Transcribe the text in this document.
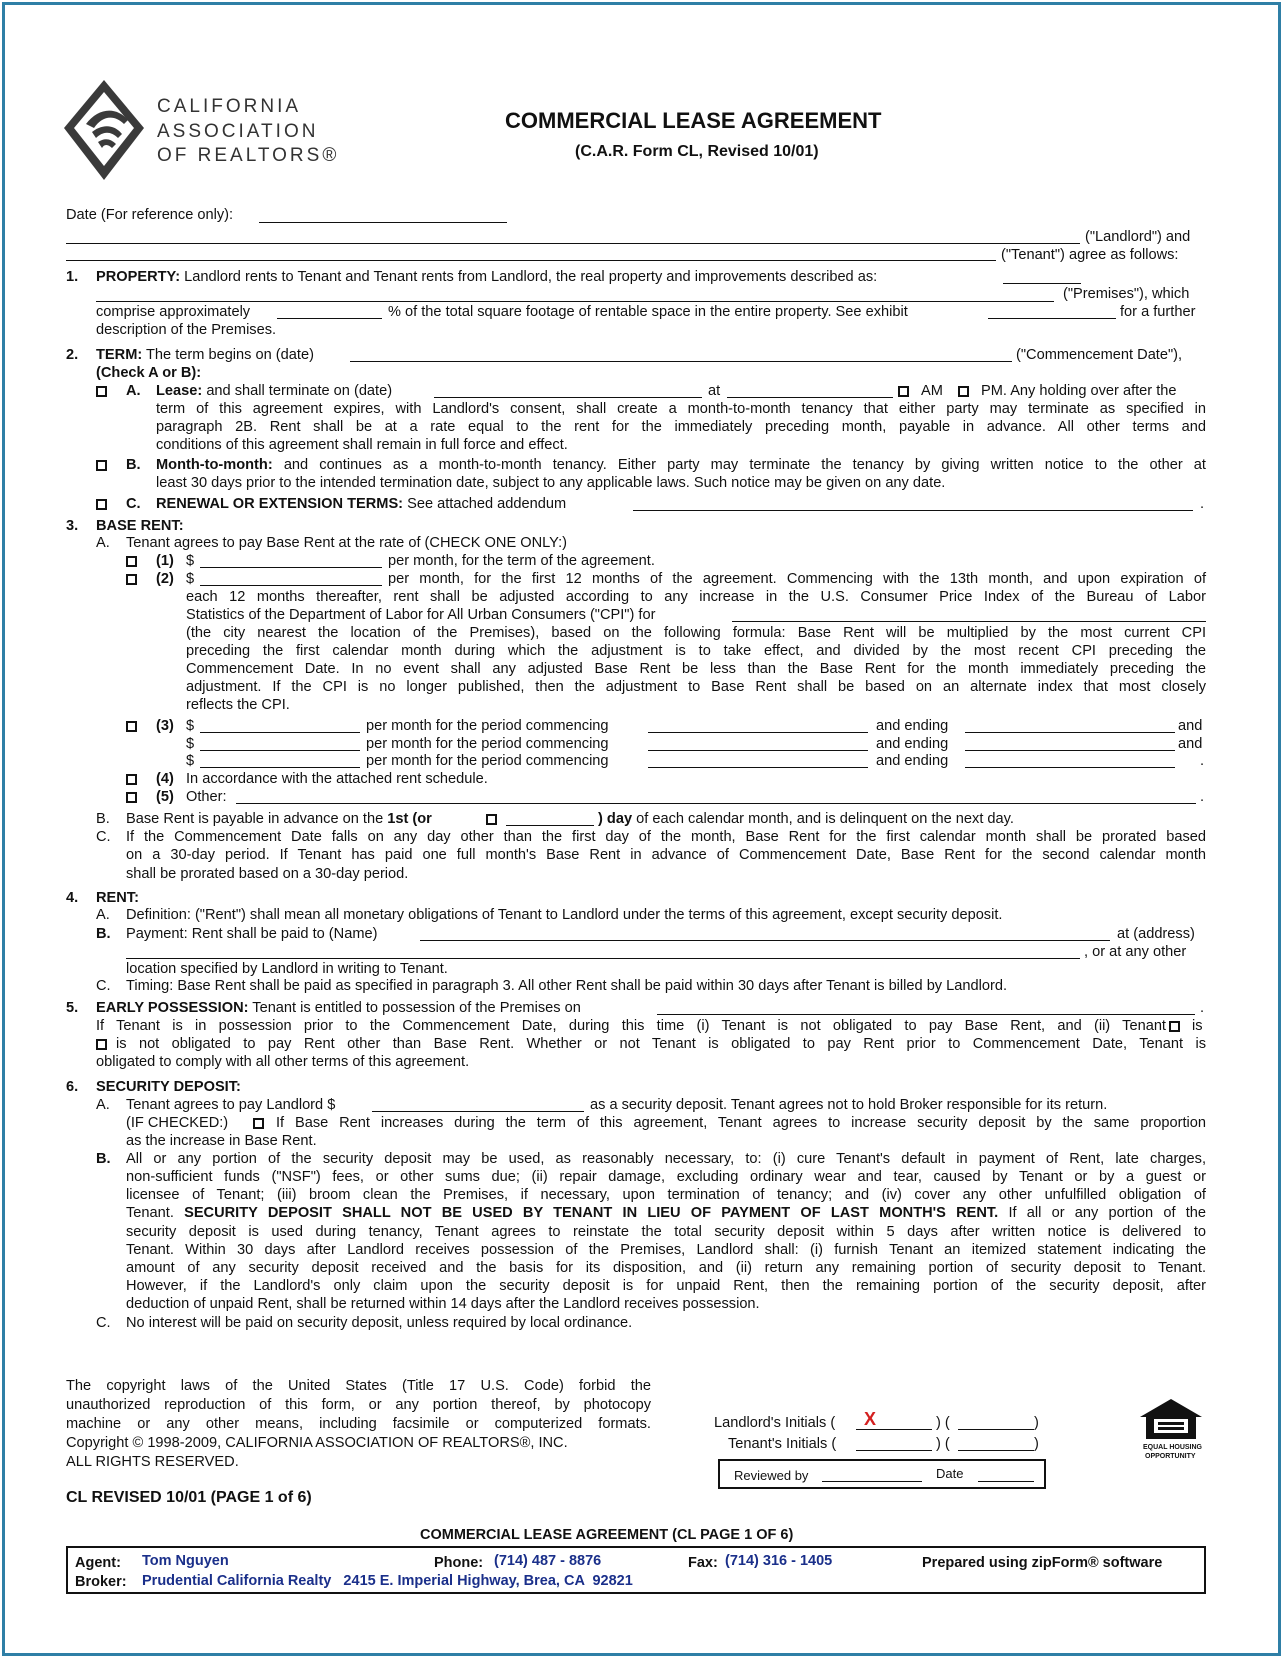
CALIFORNIA
ASSOCIATION
OF REALTORS®
COMMERCIAL LEASE AGREEMENT
(C.A.R. Form CL, Revised 10/01)
Date (For reference only):
("Landlord") and
("Tenant") agree as follows:
1. PROPERTY: Landlord rents to Tenant and Tenant rents from Landlord, the real property and improvements described as:
("Premises"), which
comprise approximately	% of the total square footage of rentable space in the entire property. See exhibit	for a further
description of the Premises.
2. TERM: The term begins on (date)	("Commencement Date"),
(Check A or B):
A. Lease: and shall terminate on (date)	at	AM	PM. Any holding over after the
term of this agreement expires, with Landlord's consent, shall create a month-to-month tenancy that either party may terminate as specified in
paragraph 2B. Rent shall be at a rate equal to the rent for the immediately preceding month, payable in advance. All other terms and
conditions of this agreement shall remain in full force and effect.
B. Month-to-month: and continues as a month-to-month tenancy. Either party may terminate the tenancy by giving written notice to the other at
least 30 days prior to the intended termination date, subject to any applicable laws. Such notice may be given on any date.
C. RENEWAL OR EXTENSION TERMS: See attached addendum	.
3. BASE RENT:
A. Tenant agrees to pay Base Rent at the rate of (CHECK ONE ONLY:)
(1) $	per month, for the term of the agreement.
(2) $	per month, for the first 12 months of the agreement. Commencing with the 13th month, and upon expiration of
each 12 months thereafter, rent shall be adjusted according to any increase in the U.S. Consumer Price Index of the Bureau of Labor
Statistics of the Department of Labor for All Urban Consumers ("CPI") for
(the city nearest the location of the Premises), based on the following formula: Base Rent will be multiplied by the most current CPI
preceding the first calendar month during which the adjustment is to take effect, and divided by the most recent CPI preceding the
Commencement Date. In no event shall any adjusted Base Rent be less than the Base Rent for the month immediately preceding the
adjustment. If the CPI is no longer published, then the adjustment to Base Rent shall be based on an alternate index that most closely
reflects the CPI.
(3) $	per month for the period commencing	and ending	and
$	per month for the period commencing	and ending	and
$	per month for the period commencing	and ending	.
(4) In accordance with the attached rent schedule.
(5) Other:	.
B. Base Rent is payable in advance on the 1st (or	) day of each calendar month, and is delinquent on the next day.
C. If the Commencement Date falls on any day other than the first day of the month, Base Rent for the first calendar month shall be prorated based
on a 30-day period. If Tenant has paid one full month's Base Rent in advance of Commencement Date, Base Rent for the second calendar month
shall be prorated based on a 30-day period.
4. RENT:
A. Definition: ("Rent") shall mean all monetary obligations of Tenant to Landlord under the terms of this agreement, except security deposit.
B. Payment: Rent shall be paid to (Name)	at (address)
, or at any other
location specified by Landlord in writing to Tenant.
C. Timing: Base Rent shall be paid as specified in paragraph 3. All other Rent shall be paid within 30 days after Tenant is billed by Landlord.
5. EARLY POSSESSION: Tenant is entitled to possession of the Premises on	.
If Tenant is in possession prior to the Commencement Date, during this time (i) Tenant is not obligated to pay Base Rent, and (ii) Tenant is
is not obligated to pay Rent other than Base Rent. Whether or not Tenant is obligated to pay Rent prior to Commencement Date, Tenant is
obligated to comply with all other terms of this agreement.
6. SECURITY DEPOSIT:
A. Tenant agrees to pay Landlord $	as a security deposit. Tenant agrees not to hold Broker responsible for its return.
(IF CHECKED:)	If Base Rent increases during the term of this agreement, Tenant agrees to increase security deposit by the same proportion
as the increase in Base Rent.
B. All or any portion of the security deposit may be used, as reasonably necessary, to: (i) cure Tenant's default in payment of Rent, late charges,
non-sufficient funds ("NSF") fees, or other sums due; (ii) repair damage, excluding ordinary wear and tear, caused by Tenant or by a guest or
licensee of Tenant; (iii) broom clean the Premises, if necessary, upon termination of tenancy; and (iv) cover any other unfulfilled obligation of
Tenant. SECURITY DEPOSIT SHALL NOT BE USED BY TENANT IN LIEU OF PAYMENT OF LAST MONTH'S RENT. If all or any portion of the
security deposit is used during tenancy, Tenant agrees to reinstate the total security deposit within 5 days after written notice is delivered to
Tenant. Within 30 days after Landlord receives possession of the Premises, Landlord shall: (i) furnish Tenant an itemized statement indicating the
amount of any security deposit received and the basis for its disposition, and (ii) return any remaining portion of security deposit to Tenant.
However, if the Landlord's only claim upon the security deposit is for unpaid Rent, then the remaining portion of the security deposit, after
deduction of unpaid Rent, shall be returned within 14 days after the Landlord receives possession.
C. No interest will be paid on security deposit, unless required by local ordinance.
The copyright laws of the United States (Title 17 U.S. Code) forbid the
unauthorized reproduction of this form, or any portion thereof, by photocopy
machine or any other means, including facsimile or computerized formats.
Copyright © 1998-2009, CALIFORNIA ASSOCIATION OF REALTORS®, INC.
ALL RIGHTS RESERVED.
Landlord's Initials ( X	) (	)
Tenant's Initials (	) (	)
Reviewed by	Date
EQUAL HOUSING
OPPORTUNITY
CL REVISED 10/01 (PAGE 1 of 6)
COMMERCIAL LEASE AGREEMENT (CL PAGE 1 OF 6)
Agent: Tom Nguyen	Phone: (714) 487 - 8876	Fax: (714) 316 - 1405	Prepared using zipForm® software
Broker: Prudential California Realty   2415 E. Imperial Highway, Brea, CA  92821
